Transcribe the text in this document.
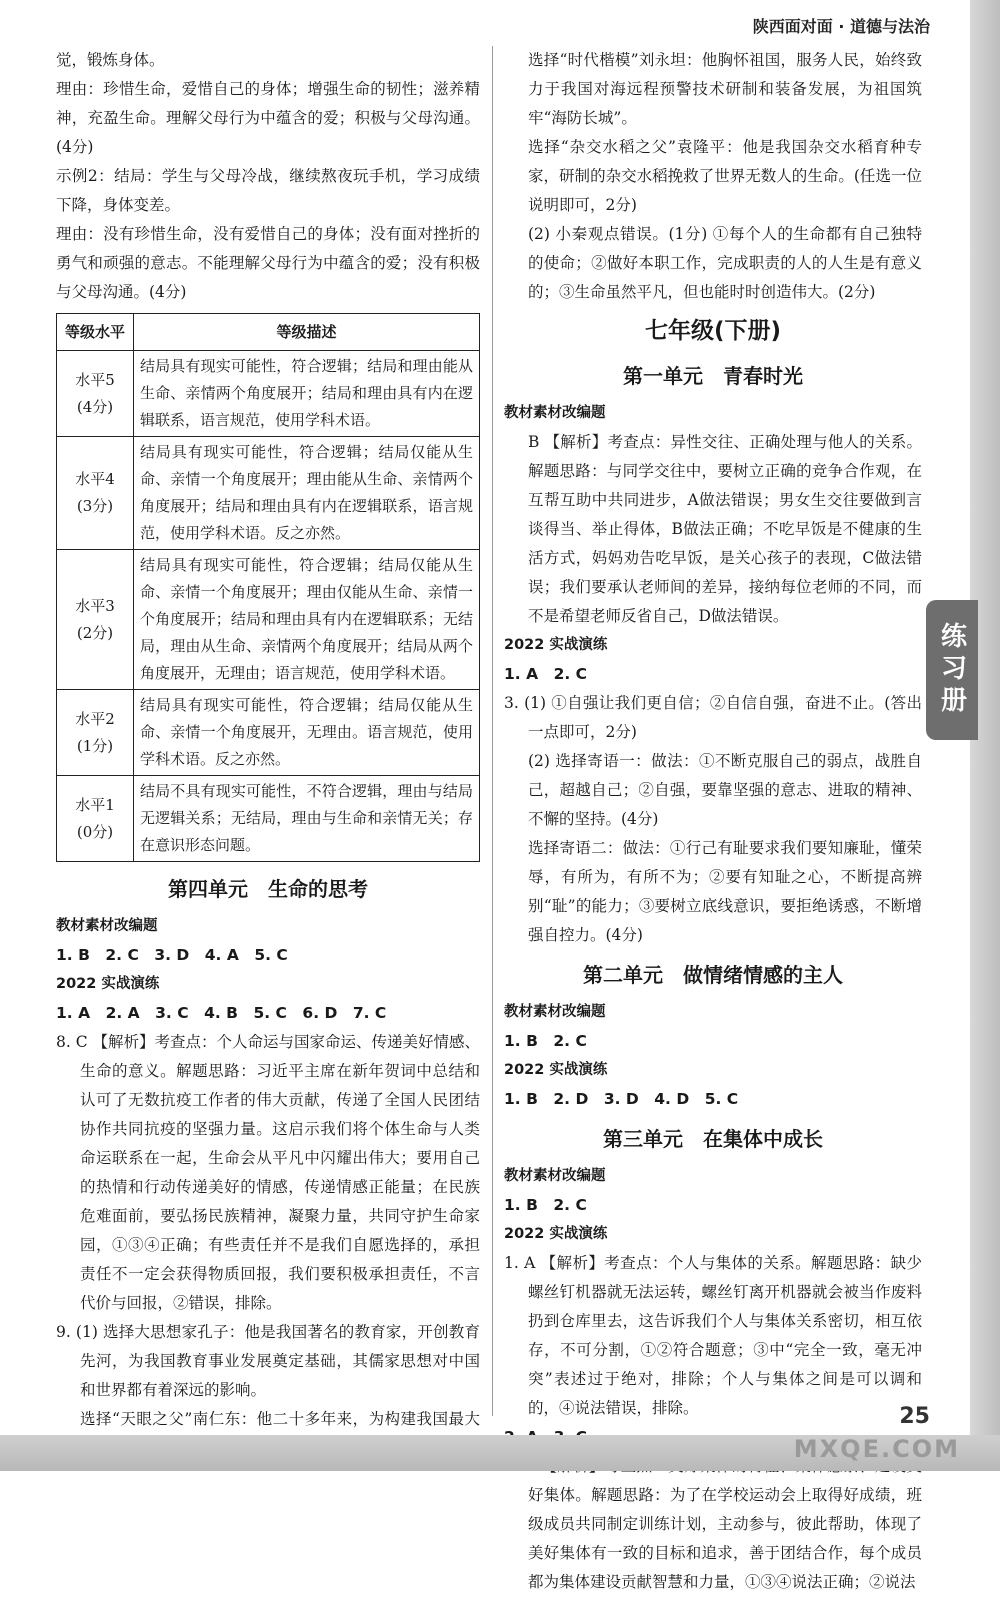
陕西面对面 · 道德与法治
练习册

觉，锻炼身体。

理由：珍惜生命，爱惜自己的身体；增强生命的韧性；滋养精神，充盈生命。理解父母行为中蕴含的爱；积极与父母沟通。(4分)

示例2：结局：学生与父母冷战，继续熬夜玩手机，学习成绩下降，身体变差。

理由：没有珍惜生命，没有爱惜自己的身体；没有面对挫折的勇气和顽强的意志。不能理解父母行为中蕴含的爱；没有积极与父母沟通。(4分)

等级水平	等级描述
水平5
(4分)	结局具有现实可能性，符合逻辑；结局和理由能从生命、亲情两个角度展开；结局和理由具有内在逻辑联系，语言规范，使用学科术语。
水平4
(3分)	结局具有现实可能性，符合逻辑；结局仅能从生命、亲情一个角度展开；理由能从生命、亲情两个角度展开；结局和理由具有内在逻辑联系，语言规范，使用学科术语。反之亦然。
水平3
(2分)	结局具有现实可能性，符合逻辑；结局仅能从生命、亲情一个角度展开；理由仅能从生命、亲情一个角度展开；结局和理由具有内在逻辑联系；无结局，理由从生命、亲情两个角度展开；结局从两个角度展开，无理由；语言规范，使用学科术语。
水平2
(1分)	结局具有现实可能性，符合逻辑；结局仅能从生命、亲情一个角度展开，无理由。语言规范，使用学科术语。反之亦然。
水平1
(0分)	结局不具有现实可能性，不符合逻辑，理由与结局无逻辑关系；无结局，理由与生命和亲情无关；存在意识形态问题。
第四单元　生命的思考

教材素材改编题

1. B　2. C　3. D　4. A　5. C

2022 实战演练

1. A　2. A　3. C　4. B　5. C　6. D　7. C

8. C 【解析】考查点：个人命运与国家命运、传递美好情感、生命的意义。解题思路：习近平主席在新年贺词中总结和认可了无数抗疫工作者的伟大贡献，传递了全国人民团结协作共同抗疫的坚强力量。这启示我们将个体生命与人类命运联系在一起，生命会从平凡中闪耀出伟大；要用自己的热情和行动传递美好的情感，传递情感正能量；在民族危难面前，要弘扬民族精神，凝聚力量，共同守护生命家园，①③④正确；有些责任并不是我们自愿选择的，承担责任不一定会获得物质回报，我们要积极承担责任，不言代价与回报，②错误，排除。

9. (1) 选择大思想家孔子：他是我国著名的教育家，开创教育先河，为我国教育事业发展奠定基础，其儒家思想对中国和世界都有着深远的影响。

选择“天眼之父”南仁东：他二十多年来，为构建我国最大

选择“时代楷模”刘永坦：他胸怀祖国，服务人民，始终致力于我国对海远程预警技术研制和装备发展，为祖国筑牢“海防长城”。

选择“杂交水稻之父”袁隆平：他是我国杂交水稻育种专家，研制的杂交水稻挽救了世界无数人的生命。(任选一位说明即可，2分)

(2) 小秦观点错误。(1分) ①每个人的生命都有自己独特的使命；②做好本职工作，完成职责的人的人生是有意义的；③生命虽然平凡，但也能时时创造伟大。(2分)

七年级(下册)
第一单元　青春时光

教材素材改编题

B 【解析】考查点：异性交往、正确处理与他人的关系。解题思路：与同学交往中，要树立正确的竞争合作观，在互帮互助中共同进步，A做法错误；男女生交往要做到言谈得当、举止得体，B做法正确；不吃早饭是不健康的生活方式，妈妈劝告吃早饭，是关心孩子的表现，C做法错误；我们要承认老师间的差异，接纳每位老师的不同，而不是希望老师反省自己，D做法错误。

2022 实战演练

1. A　2. C

3. (1) ①自强让我们更自信；②自信自强，奋进不止。(答出一点即可，2分)

(2) 选择寄语一：做法：①不断克服自己的弱点，战胜自己，超越自己；②自强，要靠坚强的意志、进取的精神、不懈的坚持。(4分)

选择寄语二：做法：①行己有耻要求我们要知廉耻，懂荣辱，有所为，有所不为；②要有知耻之心，不断提高辨别“耻”的能力；③要树立底线意识，要拒绝诱惑，不断增强自控力。(4分)

第二单元　做情绪情感的主人

教材素材改编题

1. B　2. C

2022 实战演练

1. B　2. D　3. D　4. D　5. C

第三单元　在集体中成长

教材素材改编题

1. B　2. C

2022 实战演练

1. A 【解析】考查点：个人与集体的关系。解题思路：缺少螺丝钉机器就无法运转，螺丝钉离开机器就会被当作废料扔到仓库里去，这告诉我们个人与集体关系密切，相互依存，不可分割，①②符合题意；③中“完全一致，毫无冲突”表述过于绝对，排除；个人与集体之间是可以调和的，④说法错误，排除。

好集体。解题思路：为了在学校运动会上取得好成绩，班级成员共同制定训练计划，主动参与，彼此帮助，体现了美好集体有一致的目标和追求，善于团结合作，每个成员都为集体建设贡献智慧和力量，①③④说法正确；②说法

25
MXQE.COM
